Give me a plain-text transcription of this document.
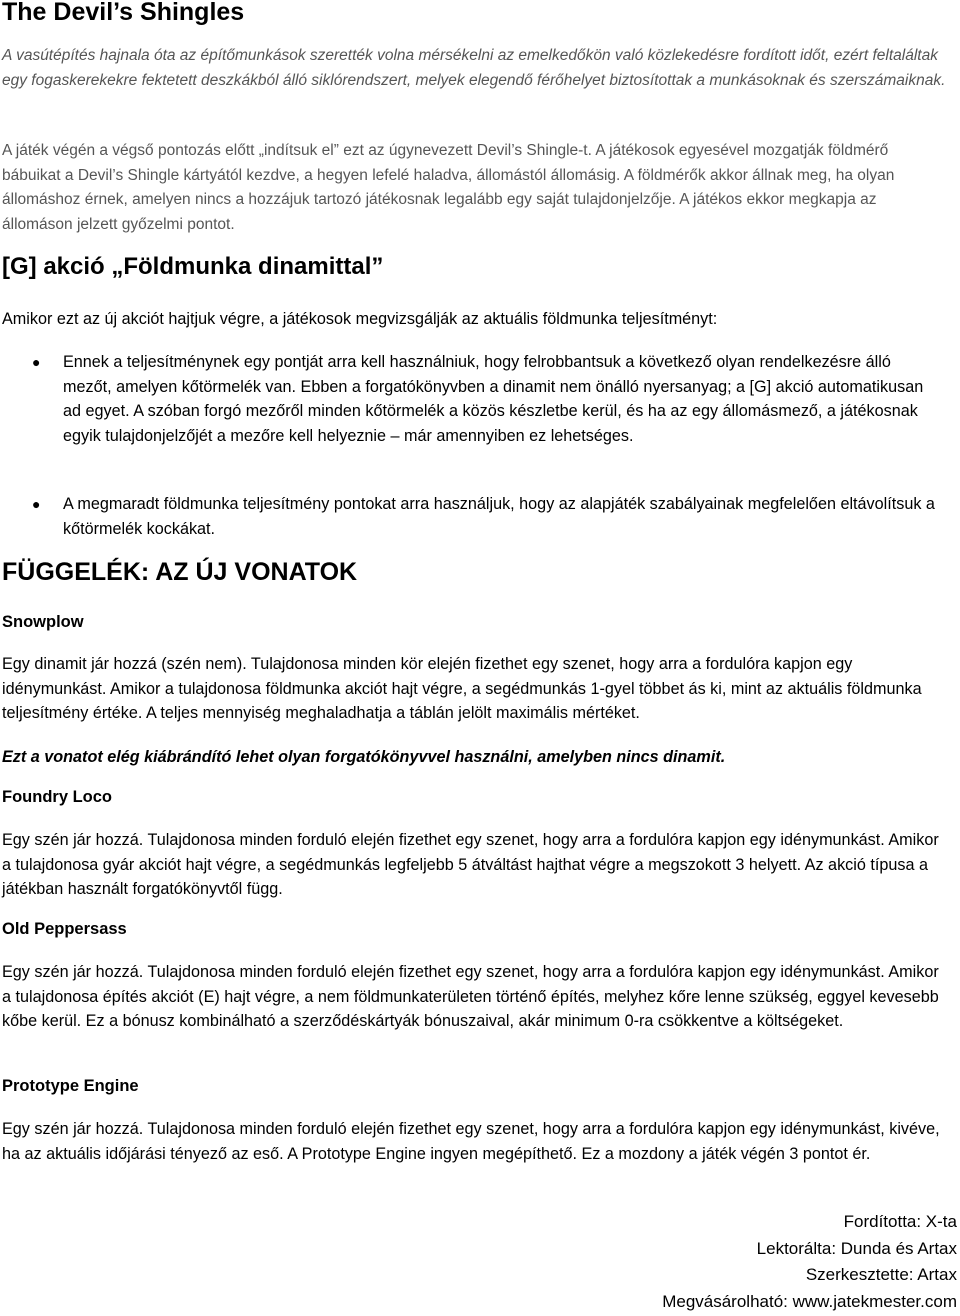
The Devil’s Shingles

A vasútépítés hajnala óta az építőmunkások szerették volna mérsékelni az emelkedőkön való közlekedésre fordított időt, ezért feltaláltak egy fogaskerekekre fektetett deszkákból álló siklórendszert, melyek elegendő férőhelyet biztosítottak a munkásoknak és szerszámaiknak.

A játék végén a végső pontozás előtt „indítsuk el” ezt az úgynevezett Devil’s Shingle-t. A játékosok egyesével mozgatják földmérő bábuikat a Devil’s Shingle kártyától kezdve, a hegyen lefelé haladva, állomástól állomásig. A földmérők akkor állnak meg, ha olyan állomáshoz érnek, amelyen nincs a hozzájuk tartozó játékosnak legalább egy saját tulajdonjelzője. A játékos ekkor megkapja az állomáson jelzett győzelmi pontot.

[G] akció „Földmunka dinamittal”

Amikor ezt az új akciót hajtjuk végre, a játékosok megvizsgálják az aktuális földmunka teljesítményt:

● Ennek a teljesítménynek egy pontját arra kell használniuk, hogy felrobbantsuk a következő olyan rendelkezésre álló mezőt, amelyen kőtörmelék van. Ebben a forgatókönyvben a dinamit nem önálló nyersanyag; a [G] akció automatikusan ad egyet. A szóban forgó mezőről minden kőtörmelék a közös készletbe kerül, és ha az egy állomásmező, a játékosnak egyik tulajdonjelzőjét a mezőre kell helyeznie – már amennyiben ez lehetséges.

● A megmaradt földmunka teljesítmény pontokat arra használjuk, hogy az alapjáték szabályainak megfelelően eltávolítsuk a kőtörmelék kockákat.

FÜGGELÉK: AZ ÚJ VONATOK
Snowplow

Egy dinamit jár hozzá (szén nem). Tulajdonosa minden kör elején fizethet egy szenet, hogy arra a fordulóra kapjon egy idénymunkást. Amikor a tulajdonosa földmunka akciót hajt végre, a segédmunkás 1-gyel többet ás ki, mint az aktuális földmunka teljesítmény értéke. A teljes mennyiség meghaladhatja a táblán jelölt maximális mértéket.

Ezt a vonatot elég kiábrándító lehet olyan forgatókönyvvel használni, amelyben nincs dinamit.

Foundry Loco

Egy szén jár hozzá. Tulajdonosa minden forduló elején fizethet egy szenet, hogy arra a fordulóra kapjon egy idénymunkást. Amikor a tulajdonosa gyár akciót hajt végre, a segédmunkás legfeljebb 5 átváltást hajthat végre a megszokott 3 helyett. Az akció típusa a játékban használt forgatókönyvtől függ.

Old Peppersass

Egy szén jár hozzá. Tulajdonosa minden forduló elején fizethet egy szenet, hogy arra a fordulóra kapjon egy idénymunkást. Amikor a tulajdonosa építés akciót (E) hajt végre, a nem földmunkaterületen történő építés, melyhez kőre lenne szükség, eggyel kevesebb kőbe kerül. Ez a bónusz kombinálható a szerződéskártyák bónuszaival, akár minimum 0-ra csökkentve a költségeket.

Prototype Engine

Egy szén jár hozzá. Tulajdonosa minden forduló elején fizethet egy szenet, hogy arra a fordulóra kapjon egy idénymunkást, kivéve, ha az aktuális időjárási tényező az eső. A Prototype Engine ingyen megépíthető. Ez a mozdony a játék végén 3 pontot ér.

Fordította: X-ta
Lektorálta: Dunda és Artax
Szerkesztette: Artax
Megvásárolható: www.jatekmester.com
